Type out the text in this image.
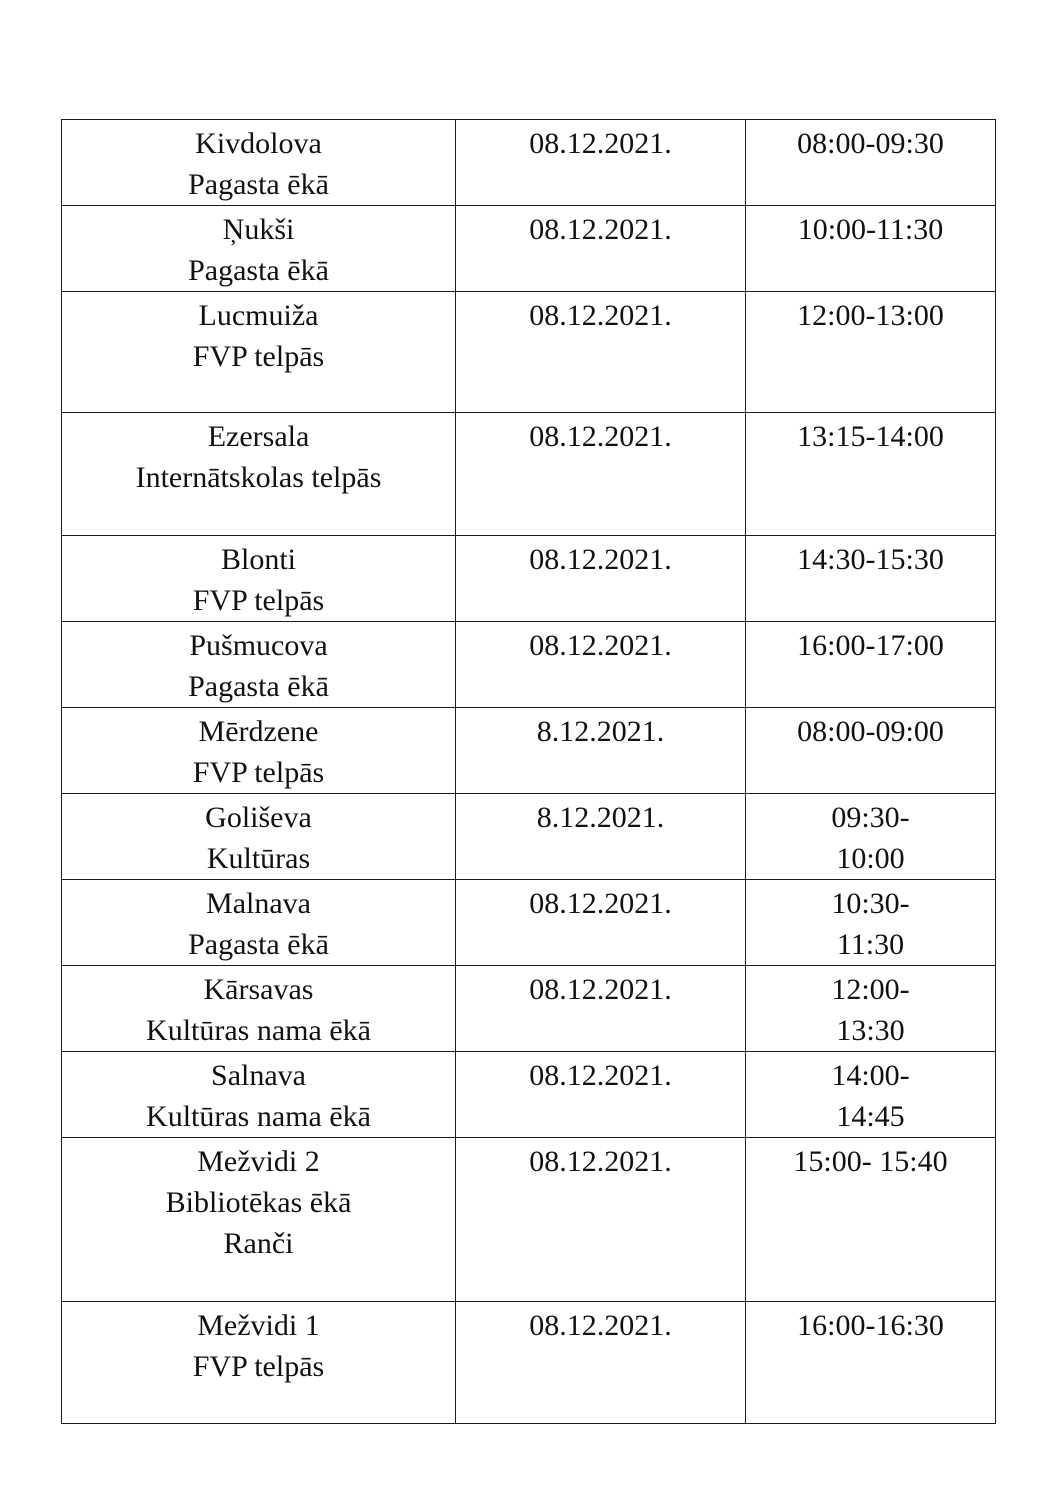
Kivdolova
Pagasta ēkā	08.12.2021.	08:00-09:30

Ņukši
Pagasta ēkā	08.12.2021.	10:00-11:30

Lucmuiža
FVP telpās	08.12.2021.	12:00-13:00

Ezersala
Internātskolas telpās	08.12.2021.	13:15-14:00

Blonti
FVP telpās	08.12.2021.	14:30-15:30

Pušmucova
Pagasta ēkā	08.12.2021.	16:00-17:00

Mērdzene
FVP telpās	8.12.2021.	08:00-09:00

Goliševa
Kultūras	8.12.2021.	09:30-
10:00

Malnava
Pagasta ēkā	08.12.2021.	10:30-
11:30

Kārsavas
Kultūras nama ēkā	08.12.2021.	12:00-
13:30

Salnava
Kultūras nama ēkā	08.12.2021.	14:00-
14:45

Mežvidi 2
Bibliotēkas ēkā
Ranči	08.12.2021.	15:00- 15:40

Mežvidi 1
FVP telpās	08.12.2021.	16:00-16:30
